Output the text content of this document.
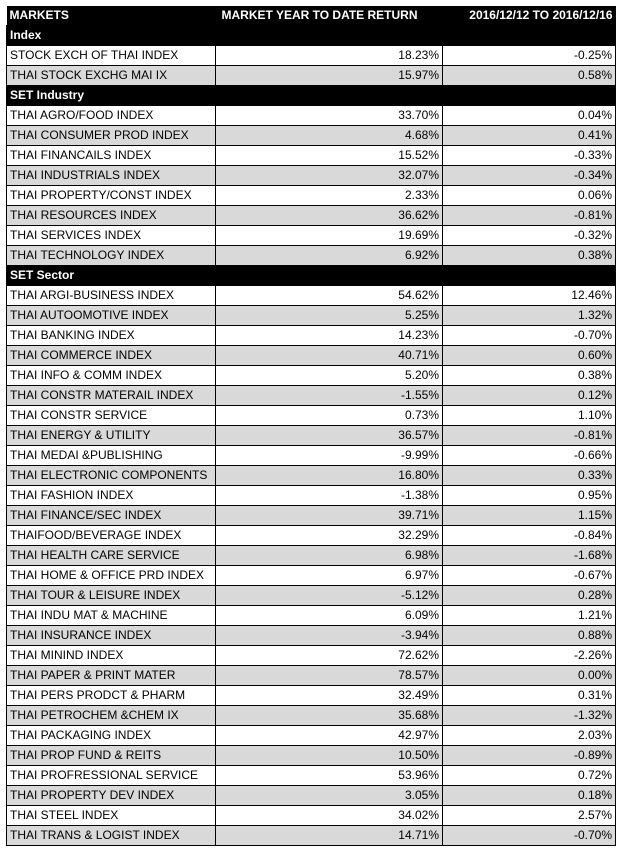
MARKETS	MARKET YEAR TO DATE RETURN	2016/12/12 TO 2016/12/16
Index		
STOCK EXCH OF THAI INDEX	18.23%	-0.25%
THAI STOCK EXCHG MAI IX	15.97%	0.58%
SET Industry		
THAI AGRO/FOOD INDEX	33.70%	0.04%
THAI CONSUMER PROD INDEX	4.68%	0.41%
THAI FINANCAILS INDEX	15.52%	-0.33%
THAI INDUSTRIALS INDEX	32.07%	-0.34%
THAI PROPERTY/CONST INDEX	2.33%	0.06%
THAI RESOURCES INDEX	36.62%	-0.81%
THAI SERVICES INDEX	19.69%	-0.32%
THAI TECHNOLOGY INDEX	6.92%	0.38%
SET Sector		
THAI ARGI-BUSINESS INDEX	54.62%	12.46%
THAI AUTOOMOTIVE INDEX	5.25%	1.32%
THAI BANKING INDEX	14.23%	-0.70%
THAI COMMERCE INDEX	40.71%	0.60%
THAI INFO & COMM INDEX	5.20%	0.38%
THAI CONSTR MATERAIL INDEX	-1.55%	0.12%
THAI CONSTR SERVICE	0.73%	1.10%
THAI ENERGY & UTILITY	36.57%	-0.81%
THAI MEDAI &PUBLISHING	-9.99%	-0.66%
THAI ELECTRONIC COMPONENTS	16.80%	0.33%
THAI FASHION INDEX	-1.38%	0.95%
THAI FINANCE/SEC INDEX	39.71%	1.15%
THAIFOOD/BEVERAGE INDEX	32.29%	-0.84%
THAI HEALTH CARE SERVICE	6.98%	-1.68%
THAI HOME & OFFICE PRD INDEX	6.97%	-0.67%
THAI TOUR & LEISURE INDEX	-5.12%	0.28%
THAI INDU MAT & MACHINE	6.09%	1.21%
THAI INSURANCE INDEX	-3.94%	0.88%
THAI MININD INDEX	72.62%	-2.26%
THAI PAPER & PRINT MATER	78.57%	0.00%
THAI PERS PRODCT & PHARM	32.49%	0.31%
THAI PETROCHEM &CHEM IX	35.68%	-1.32%
THAI PACKAGING INDEX	42.97%	2.03%
THAI PROP FUND & REITS	10.50%	-0.89%
THAI PROFRESSIONAL SERVICE	53.96%	0.72%
THAI PROPERTY DEV INDEX	3.05%	0.18%
THAI STEEL INDEX	34.02%	2.57%
THAI TRANS & LOGIST INDEX	14.71%	-0.70%
